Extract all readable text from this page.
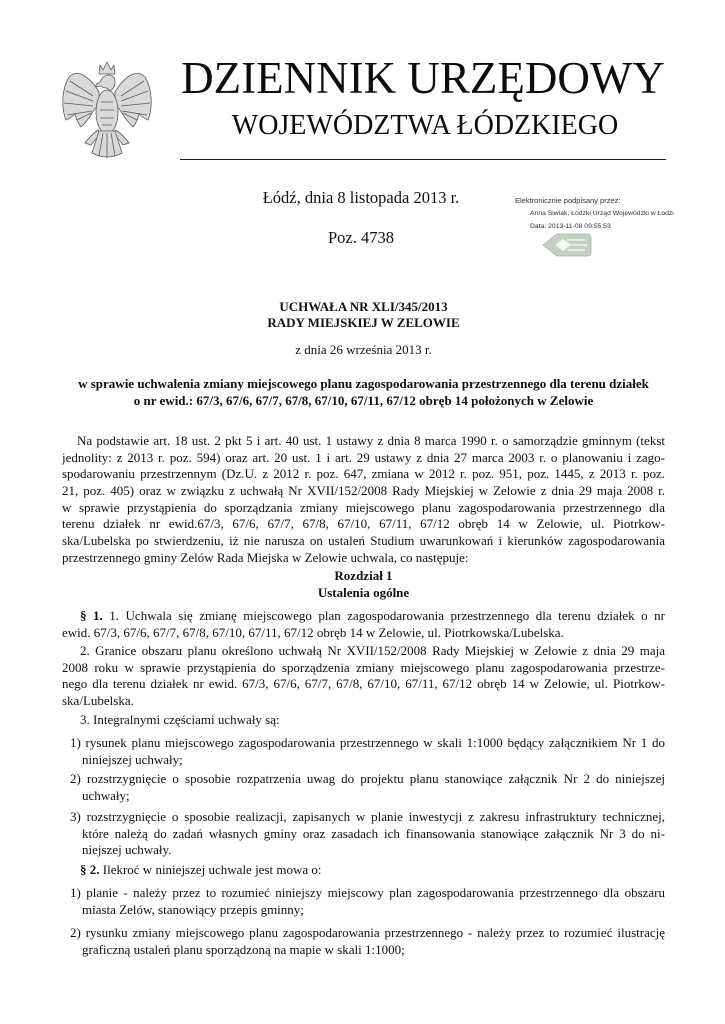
DZIENNIK URZĘDOWY
WOJEWÓDZTWA ŁÓDZKIEGO
Łódź, dnia 8 listopada 2013 r.
Poz. 4738
Elektronicznie podpisany przez:
Anna Siwiak; Łódzki Urząd Wojewódzki w Łodzi
Data: 2013-11-08 09:55:53
UCHWAŁA NR XLI/345/2013
RADY MIEJSKIEJ W ZELOWIE
z dnia 26 września 2013 r.
w sprawie uchwalenia zmiany miejscowego planu zagospodarowania przestrzennego dla terenu działek
o nr ewid.: 67/3, 67/6, 67/7, 67/8, 67/10, 67/11, 67/12 obręb 14 położonych w Zelowie
Na podstawie art. 18 ust. 2 pkt 5 i art. 40 ust. 1 ustawy z dnia 8 marca 1990 r. o samorządzie gminnym (tekst
jednolity: z 2013 r. poz. 594) oraz art. 20 ust. 1 i art. 29 ustawy z dnia 27 marca 2003 r. o planowaniu i zago-
spodarowaniu przestrzennym (Dz.U. z 2012 r. poz. 647, zmiana w 2012 r. poz. 951, poz. 1445, z 2013 r. poz.
21, poz. 405) oraz w związku z uchwałą Nr XVII/152/2008 Rady Miejskiej w Zelowie z dnia 29 maja 2008 r.
w sprawie przystąpienia do sporządzania zmiany miejscowego planu zagospodarowania przestrzennego dla
terenu działek nr ewid.67/3, 67/6, 67/7, 67/8, 67/10, 67/11, 67/12 obręb 14 w Zelowie, ul. Piotrkow-
ska/Lubelska po stwierdzeniu, iż nie narusza on ustaleń Studium uwarunkowań i kierunków zagospodarowania
przestrzennego gminy Zelów Rada Miejska w Zelowie uchwala, co następuje:
Rozdział 1
Ustalenia ogólne
§ 1. 1. Uchwala się zmianę miejscowego plan zagospodarowania przestrzennego dla terenu działek o nr
ewid. 67/3, 67/6, 67/7, 67/8, 67/10, 67/11, 67/12 obręb 14 w Zelowie, ul. Piotrkowska/Lubelska.
2. Granice obszaru planu określono uchwałą Nr XVII/152/2008 Rady Miejskiej w Zelowie z dnia 29 maja
2008 roku w sprawie przystąpienia do sporządzenia zmiany miejscowego planu zagospodarowania przestrze-
nego dla terenu działek nr ewid. 67/3, 67/6, 67/7, 67/8, 67/10, 67/11, 67/12 obręb 14 w Zelowie, ul. Piotrkow-
ska/Lubelska.
3. Integralnymi częściami uchwały są:
1) rysunek planu miejscowego zagospodarowania przestrzennego w skali 1:1000 będący załącznikiem Nr 1 do
niniejszej uchwały;
2) rozstrzygnięcie o sposobie rozpatrzenia uwag do projektu planu stanowiące załącznik Nr 2 do niniejszej
uchwały;
3) rozstrzygnięcie o sposobie realizacji, zapisanych w planie inwestycji z zakresu infrastruktury technicznej,
które należą do zadań własnych gminy oraz zasadach ich finansowania stanowiące załącznik Nr 3 do ni-
niejszej uchwały.
§ 2. Ilekroć w niniejszej uchwale jest mowa o:
1) planie - należy przez to rozumieć niniejszy miejscowy plan zagospodarowania przestrzennego dla obszaru
miasta Zelów, stanowiący przepis gminny;
2) rysunku zmiany miejscowego planu zagospodarowania przestrzennego - należy przez to rozumieć ilustrację
graficzną ustaleń planu sporządzoną na mapie w skali 1:1000;
